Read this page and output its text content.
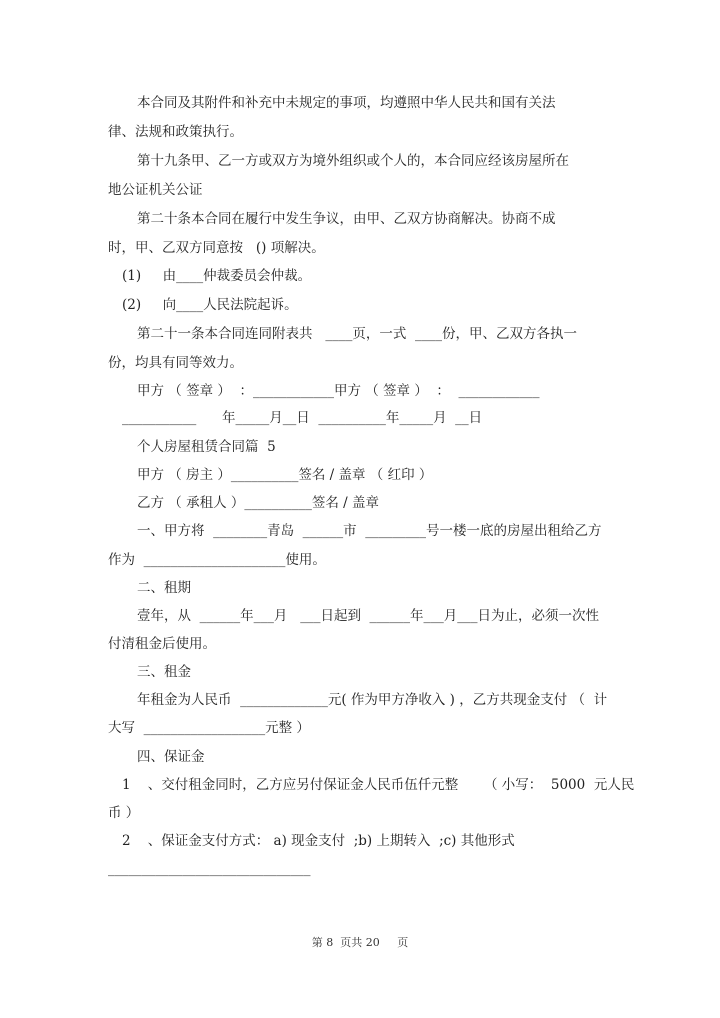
本合同及其附件和补充中未规定的事项，均遵照中华人民共和国有关法
律、法规和政策执行。
第十九条甲、乙一方或双方为境外组织或个人的，本合同应经该房屋所在
地公证机关公证
第二十条本合同在履行中发生争议，由甲、乙双方协商解决。协商不成
时，甲、乙双方同意按   () 项解决。
(1)     由____仲裁委员会仲裁。
(2)     向____人民法院起诉。
第二十一条本合同连同附表共   ____页，一式  ____份，甲、乙双方各执一
份，均具有同等效力。
甲方 （ 签章 ）  ：____________甲方 （ 签章 ）  ：  ____________
___________      年_____月__日  __________年_____月  __日
个人房屋租赁合同篇  5
甲方 （ 房主 ）__________签名 / 盖章 （ 红印 ）
乙方 （ 承租人 ）__________签名 / 盖章
一、甲方将  ________青岛  ______市  _________号一楼一底的房屋出租给乙方
作为  _____________________使用。
二、租期
壹年，从  ______年___月   ___日起到  ______年___月___日为止，必须一次性
付清租金后使用。
三、租金
年租金为人民币  _____________元( 作为甲方净收入 ) ，乙方共现金支付 （  计
大写  __________________元整 ）
四、保证金
1    、交付租金同时，乙方应另付保证金人民币伍仟元整      （ 小写：  5000  元人民
币 ）
2    、保证金支付方式： a) 现金支付  ;b) 上期转入  ;c) 其他形式
______________________________
第 8  页共 20     页
